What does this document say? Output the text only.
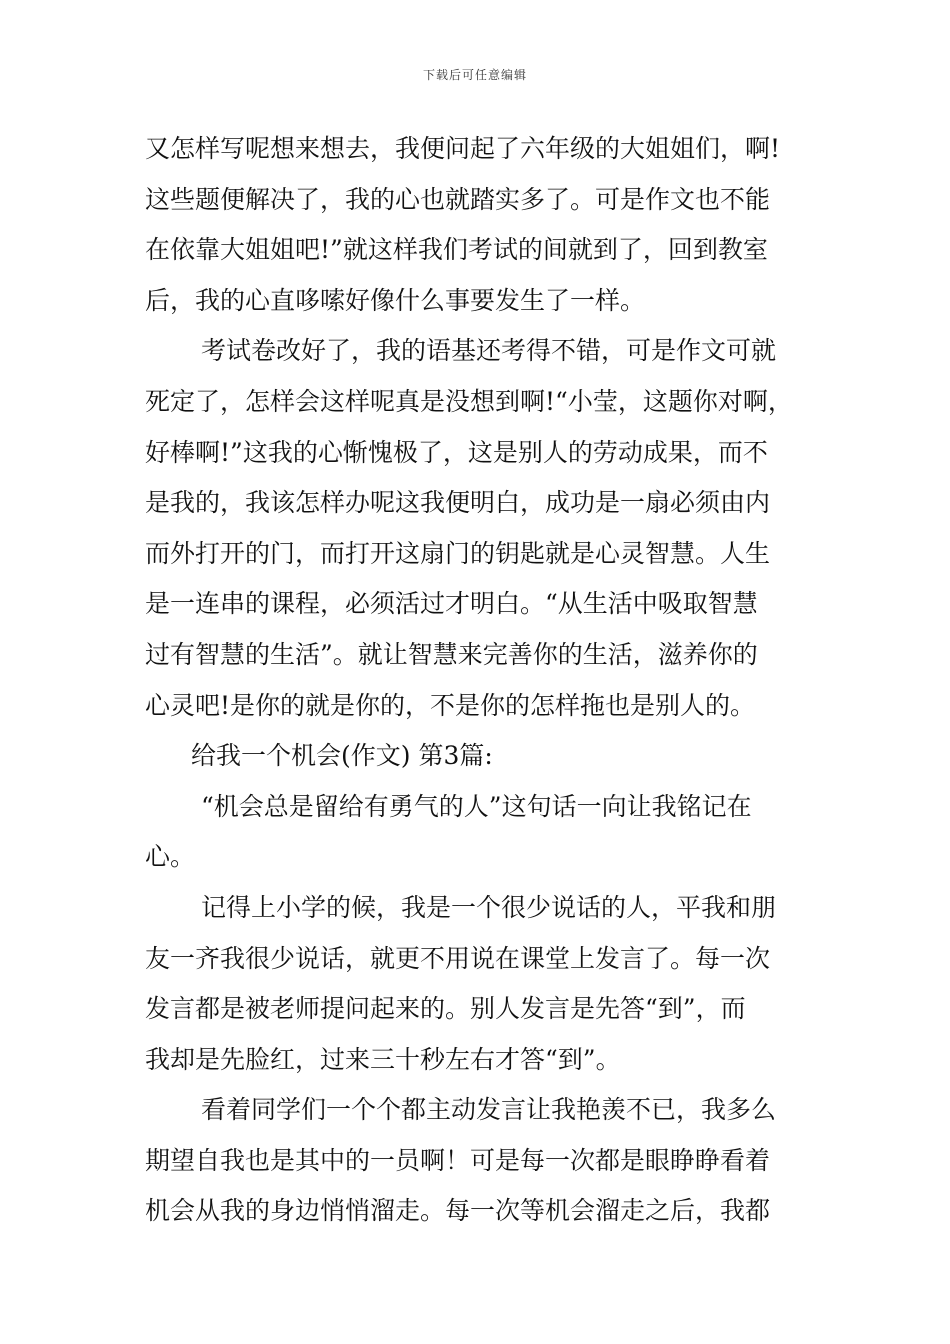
下载后可任意编辑
又怎样写呢想来想去，我便问起了六年级的大姐姐们，啊!
这些题便解决了，我的心也就踏实多了。可是作文也不能
在依靠大姐姐吧!”就这样我们考试的间就到了，回到教室
后，我的心直哆嗦好像什么事要发生了一样。
考试卷改好了，我的语基还考得不错，可是作文可就
死定了，怎样会这样呢真是没想到啊!“小莹，这题你对啊，
好棒啊!”这我的心惭愧极了，这是别人的劳动成果，而不
是我的，我该怎样办呢这我便明白，成功是一扇必须由内
而外打开的门，而打开这扇门的钥匙就是心灵智慧。人生
是一连串的课程，必须活过才明白。“从生活中吸取智慧
过有智慧的生活”。就让智慧来完善你的生活，滋养你的
心灵吧!是你的就是你的，不是你的怎样拖也是别人的。
给我一个机会(作文) 第3篇:
“机会总是留给有勇气的人”这句话一向让我铭记在
心。
记得上小学的候，我是一个很少说话的人，平我和朋
友一齐我很少说话，就更不用说在课堂上发言了。每一次
发言都是被老师提问起来的。别人发言是先答“到”，而
我却是先脸红，过来三十秒左右才答“到”。
看着同学们一个个都主动发言让我艳羡不已，我多么
期望自我也是其中的一员啊！可是每一次都是眼睁睁看着
机会从我的身边悄悄溜走。每一次等机会溜走之后，我都
